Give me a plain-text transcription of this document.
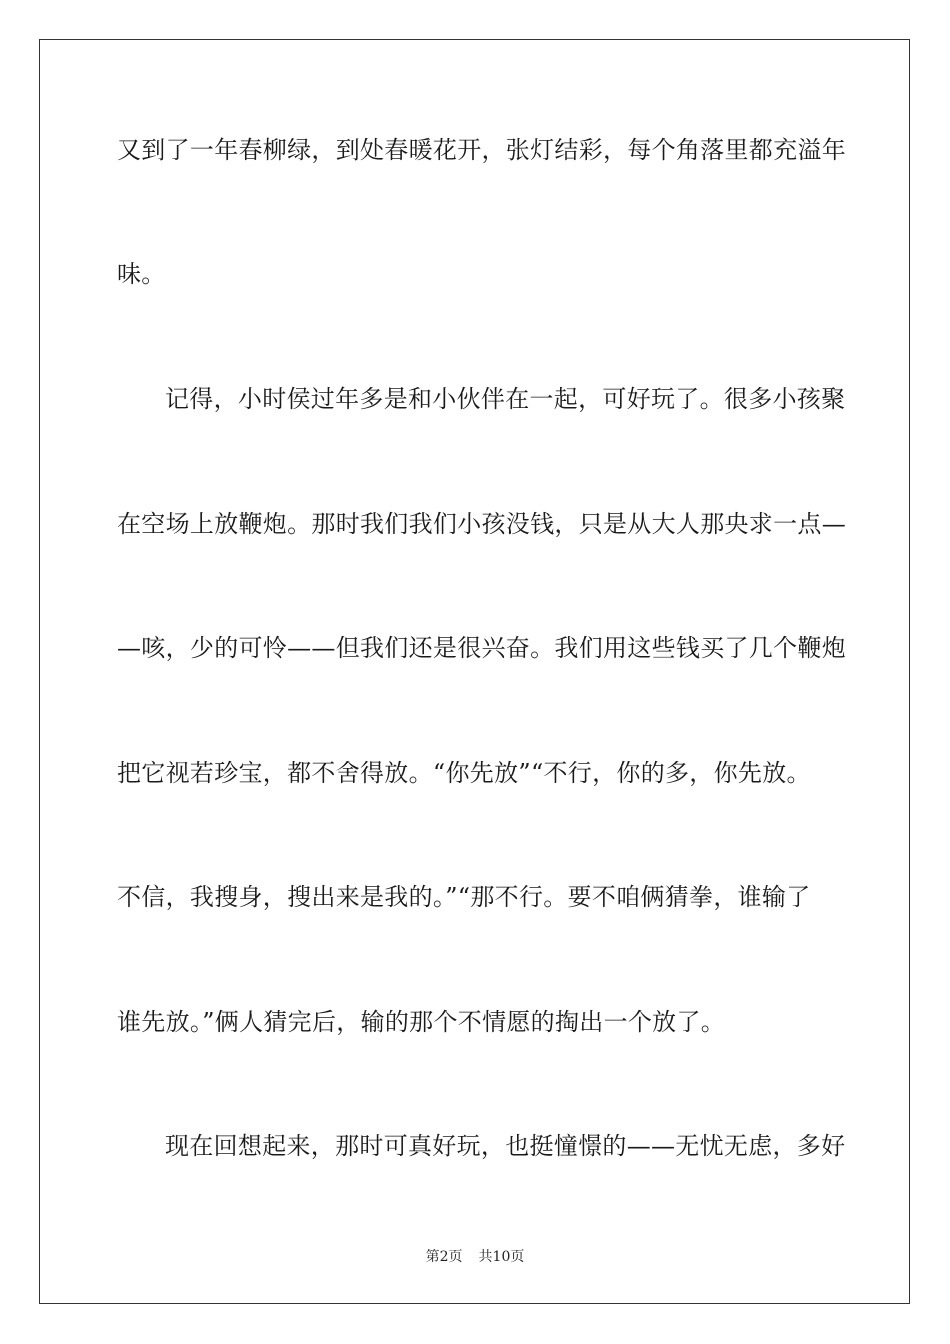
又到了一年春柳绿，到处春暖花开，张灯结彩，每个角落里都充溢年
味。
记得，小时侯过年多是和小伙伴在一起，可好玩了。很多小孩聚
在空场上放鞭炮。那时我们我们小孩没钱，只是从大人那央求一点—
—咳，少的可怜——但我们还是很兴奋。我们用这些钱买了几个鞭炮
把它视若珍宝，都不舍得放。“你先放”“不行，你的多，你先放。
不信，我搜身，搜出来是我的。”“那不行。要不咱俩猜拳，谁输了
谁先放。”俩人猜完后，输的那个不情愿的掏出一个放了。
现在回想起来，那时可真好玩，也挺憧憬的——无忧无虑，多好
第2页 共10页
